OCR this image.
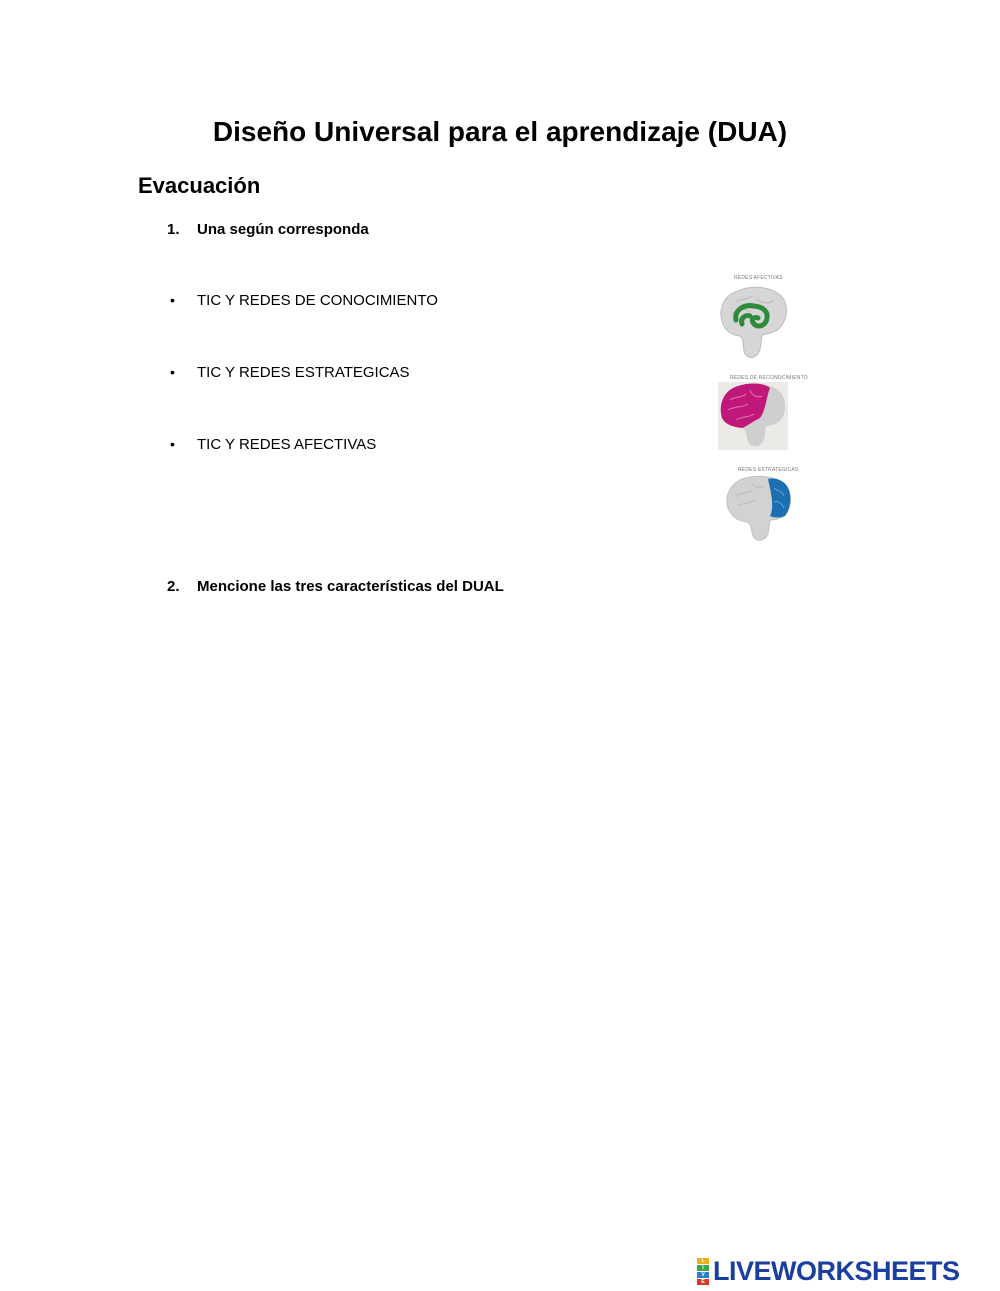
Diseño Universal para el aprendizaje (DUA)
Evacuación
1. Una según corresponda
• TIC Y REDES DE CONOCIMIENTO
• TIC Y REDES ESTRATEGICAS
• TIC Y REDES AFECTIVAS
REDES AFECTIVAS
REDES DE RECONOCIMIENTO
REDES ESTRATEGICAS
2. Mencione las tres características del DUAL
L
I
V
E LIVEWORKSHEETS
